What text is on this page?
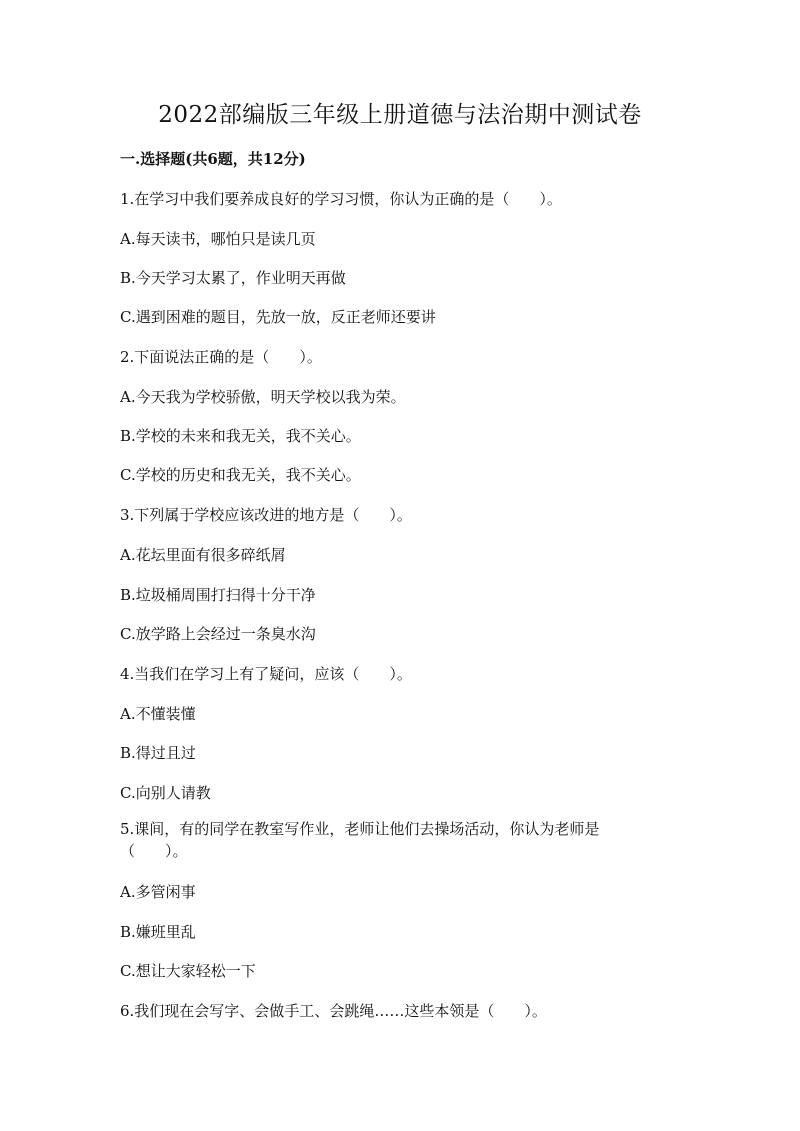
2022部编版三年级上册道德与法治期中测试卷
一.选择题(共6题，共12分)
1.在学习中我们要养成良好的学习习惯，你认为正确的是（　　）。
A.每天读书，哪怕只是读几页
B.今天学习太累了，作业明天再做
C.遇到困难的题目，先放一放，反正老师还要讲
2.下面说法正确的是（　　）。
A.今天我为学校骄傲，明天学校以我为荣。
B.学校的未来和我无关，我不关心。
C.学校的历史和我无关，我不关心。
3.下列属于学校应该改进的地方是（　　）。
A.花坛里面有很多碎纸屑
B.垃圾桶周围打扫得十分干净
C.放学路上会经过一条臭水沟
4.当我们在学习上有了疑问，应该（　　）。
A.不懂装懂
B.得过且过
C.向别人请教
5.课间，有的同学在教室写作业，老师让他们去操场活动，你认为老师是（　　）。
A.多管闲事
B.嫌班里乱
C.想让大家轻松一下
6.我们现在会写字、会做手工、会跳绳……这些本领是（　　）。
